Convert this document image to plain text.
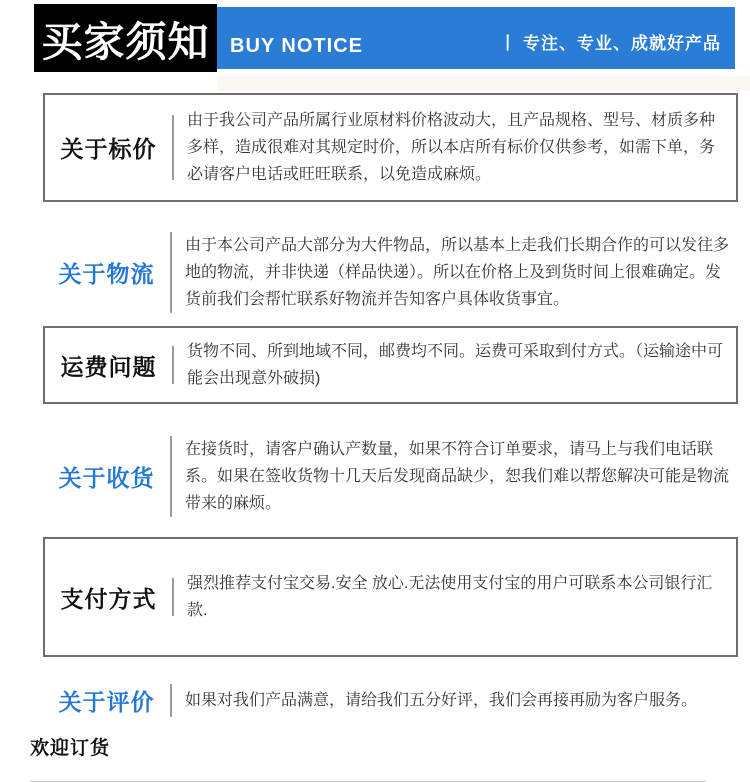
买家须知 BUY NOTICE	丨 专注、专业、成就好产品
关于标价
由于我公司产品所属行业原材料价格波动大，且产品规格、型号、材质多种多样，造成很难对其规定时价，所以本店所有标价仅供参考，如需下单，务必请客户电话或旺旺联系，以免造成麻烦。
关于物流
由于本公司产品大部分为大件物品，所以基本上走我们长期合作的可以发往多地的物流，并非快递（样品快递）。所以在价格上及到货时间上很难确定。发货前我们会帮忙联系好物流并告知客户具体收货事宜。
运费问题
货物不同、所到地域不同，邮费均不同。运费可采取到付方式。（运输途中可能会出现意外破损)
关于收货
在接货时，请客户确认产数量，如果不符合订单要求，请马上与我们电话联系。如果在签收货物十几天后发现商品缺少，恕我们难以帮您解决可能是物流带来的麻烦。
支付方式
强烈推荐支付宝交易.安全 放心.无法使用支付宝的用户可联系本公司银行汇款.
关于评价	如果对我们产品满意，请给我们五分好评，我们会再接再励为客户服务。
欢迎订货
